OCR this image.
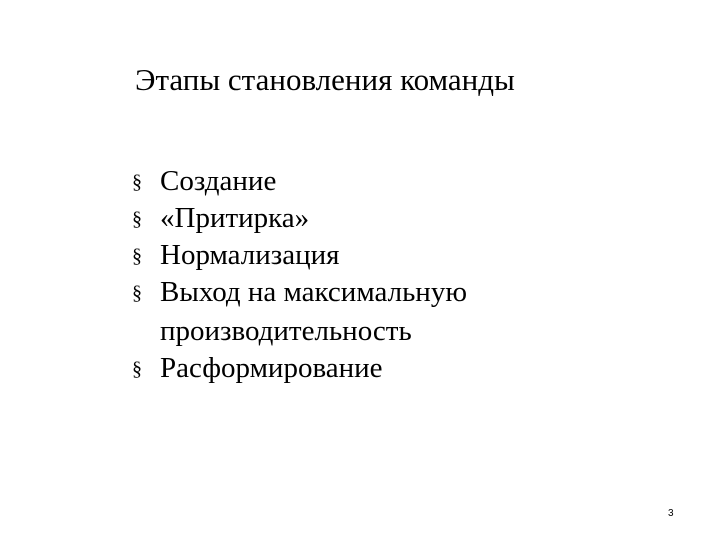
Этапы становления команды
§ Создание
§ «Притирка»
§ Нормализация
§ Выход на максимальную производительность
§ Расформирование
3
